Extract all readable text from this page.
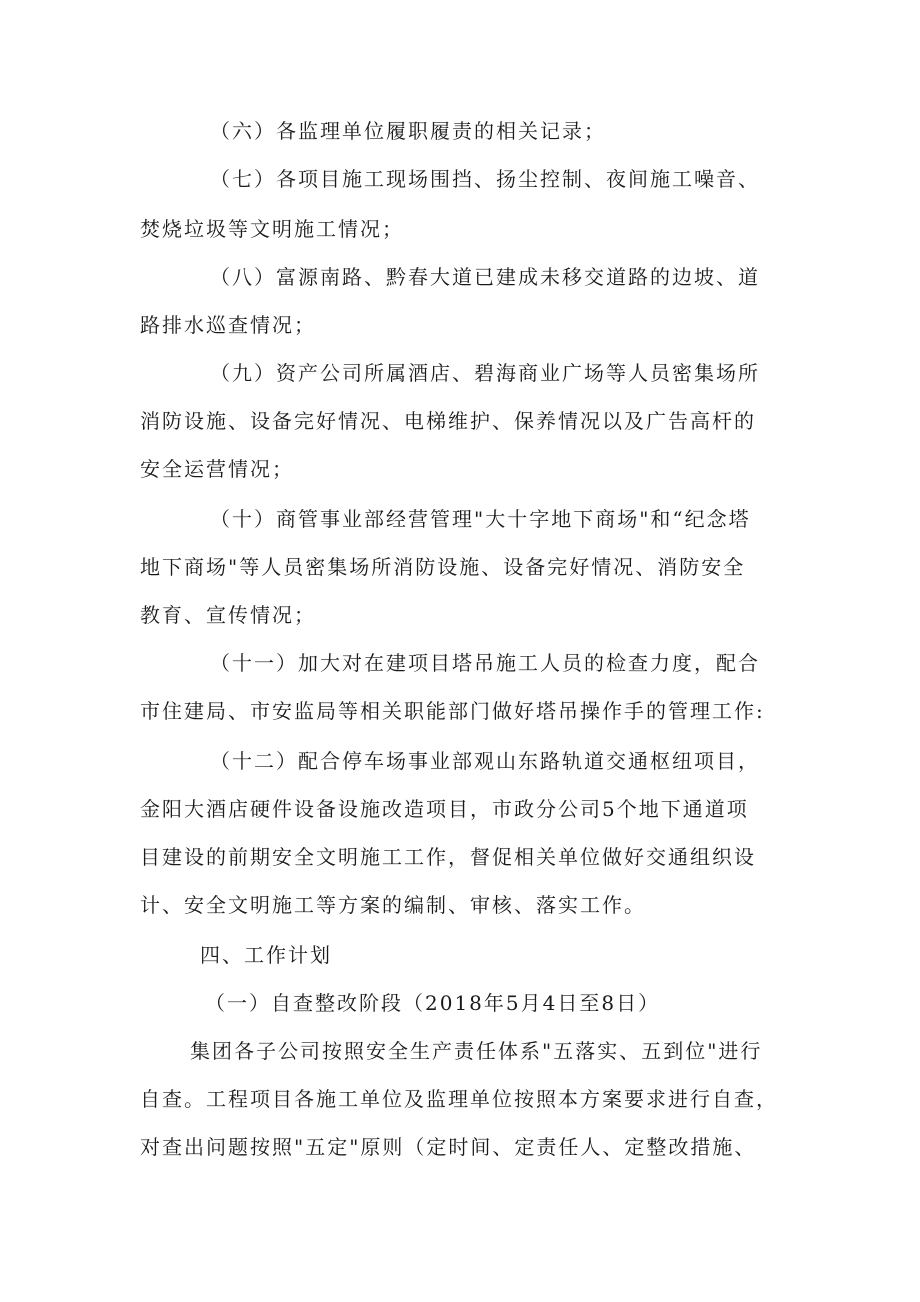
（六）各监理单位履职履责的相关记录；
（七）各项目施工现场围挡、扬尘控制、夜间施工噪音、
焚烧垃圾等文明施工情况；
（八）富源南路、黔春大道已建成未移交道路的边坡、道
路排水巡查情况；
（九）资产公司所属酒店、碧海商业广场等人员密集场所
消防设施、设备完好情况、电梯维护、保养情况以及广告高杆的
安全运营情况；
（十）商管事业部经营管理"大十字地下商场"和“纪念塔
地下商场"等人员密集场所消防设施、设备完好情况、消防安全
教育、宣传情况；
（十一）加大对在建项目塔吊施工人员的检查力度，配合
市住建局、市安监局等相关职能部门做好塔吊操作手的管理工作:
（十二）配合停车场事业部观山东路轨道交通枢纽项目，
金阳大酒店硬件设备设施改造项目，市政分公司5个地下通道项
目建设的前期安全文明施工工作，督促相关单位做好交通组织设
计、安全文明施工等方案的编制、审核、落实工作。
四、工作计划
（一）自查整改阶段（2018年5月4日至8日）
集团各子公司按照安全生产责任体系"五落实、五到位"进行
自查。工程项目各施工单位及监理单位按照本方案要求进行自查，
对查出问题按照"五定"原则（定时间、定责任人、定整改措施、
